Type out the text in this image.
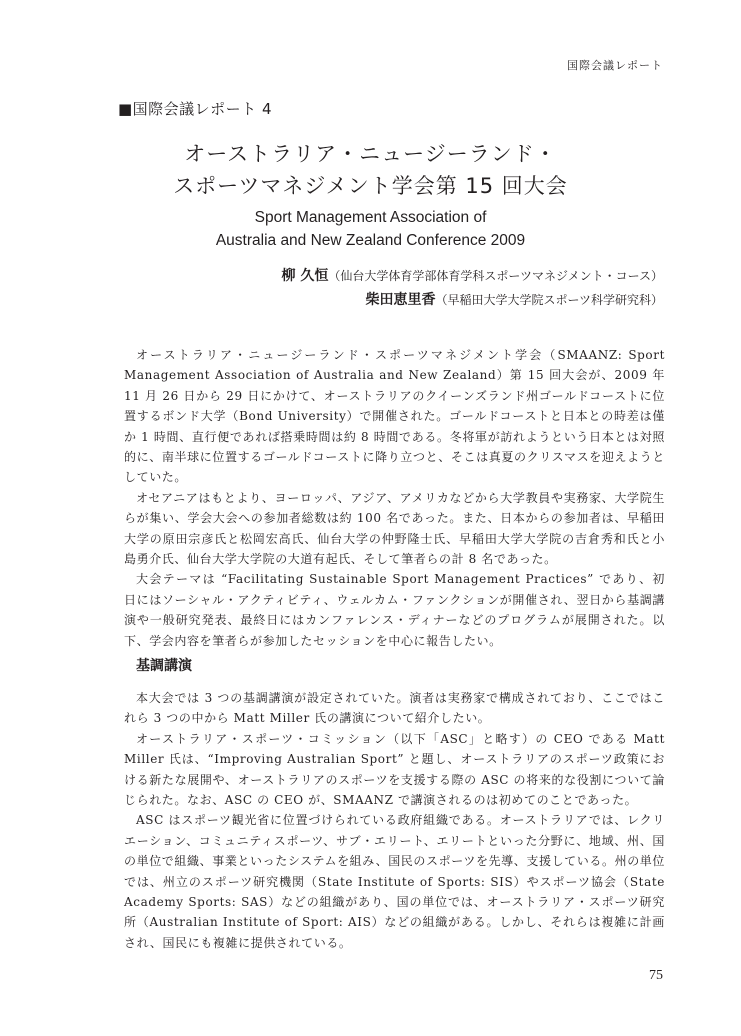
国際会議レポート
■国際会議レポート 4
オーストラリア・ニュージーランド・
スポーツマネジメント学会第 15 回大会
Sport Management Association of
Australia and New Zealand Conference 2009
柳 久恒（仙台大学体育学部体育学科スポーツマネジメント・コース）
柴田恵里香（早稲田大学大学院スポーツ科学研究科）

オーストラリア・ニュージーランド・スポーツマネジメント学会（SMAANZ: Sport Management Association of Australia and New Zealand）第 15 回大会が、2009 年 11 月 26 日から 29 日にかけて、オーストラリアのクイーンズランド州ゴールドコーストに位置するボンド大学（Bond University）で開催された。ゴールドコーストと日本との時差は僅か 1 時間、直行便であれば搭乗時間は約 8 時間である。冬将軍が訪れようという日本とは対照的に、南半球に位置するゴールドコーストに降り立つと、そこは真夏のクリスマスを迎えようとしていた。

オセアニアはもとより、ヨーロッパ、アジア、アメリカなどから大学教員や実務家、大学院生らが集い、学会大会への参加者総数は約 100 名であった。また、日本からの参加者は、早稲田大学の原田宗彦氏と松岡宏高氏、仙台大学の仲野隆士氏、早稲田大学大学院の吉倉秀和氏と小島勇介氏、仙台大学大学院の大道有起氏、そして筆者らの計 8 名であった。

大会テーマは “Facilitating Sustainable Sport Management Practices” であり、初日にはソーシャル・アクティビティ、ウェルカム・ファンクションが開催され、翌日から基調講演や一般研究発表、最終日にはカンファレンス・ディナーなどのプログラムが展開された。以下、学会内容を筆者らが参加したセッションを中心に報告したい。

基調講演

本大会では 3 つの基調講演が設定されていた。演者は実務家で構成されており、ここではこれら 3 つの中から Matt Miller 氏の講演について紹介したい。

オーストラリア・スポーツ・コミッション（以下「ASC」と略す）の CEO である Matt Miller 氏は、“Improving Australian Sport” と題し、オーストラリアのスポーツ政策における新たな展開や、オーストラリアのスポーツを支援する際の ASC の将来的な役割について論じられた。なお、ASC の CEO が、SMAANZ で講演されるのは初めてのことであった。

ASC はスポーツ観光省に位置づけられている政府組織である。オーストラリアでは、レクリエーション、コミュニティスポーツ、サブ・エリート、エリートといった分野に、地域、州、国の単位で組織、事業といったシステムを組み、国民のスポーツを先導、支援している。州の単位では、州立のスポーツ研究機関（State Institute of Sports: SIS）やスポーツ協会（State Academy Sports: SAS）などの組織があり、国の単位では、オーストラリア・スポーツ研究所（Australian Institute of Sport: AIS）などの組織がある。しかし、それらは複雑に計画され、国民にも複雑に提供されている。

75
